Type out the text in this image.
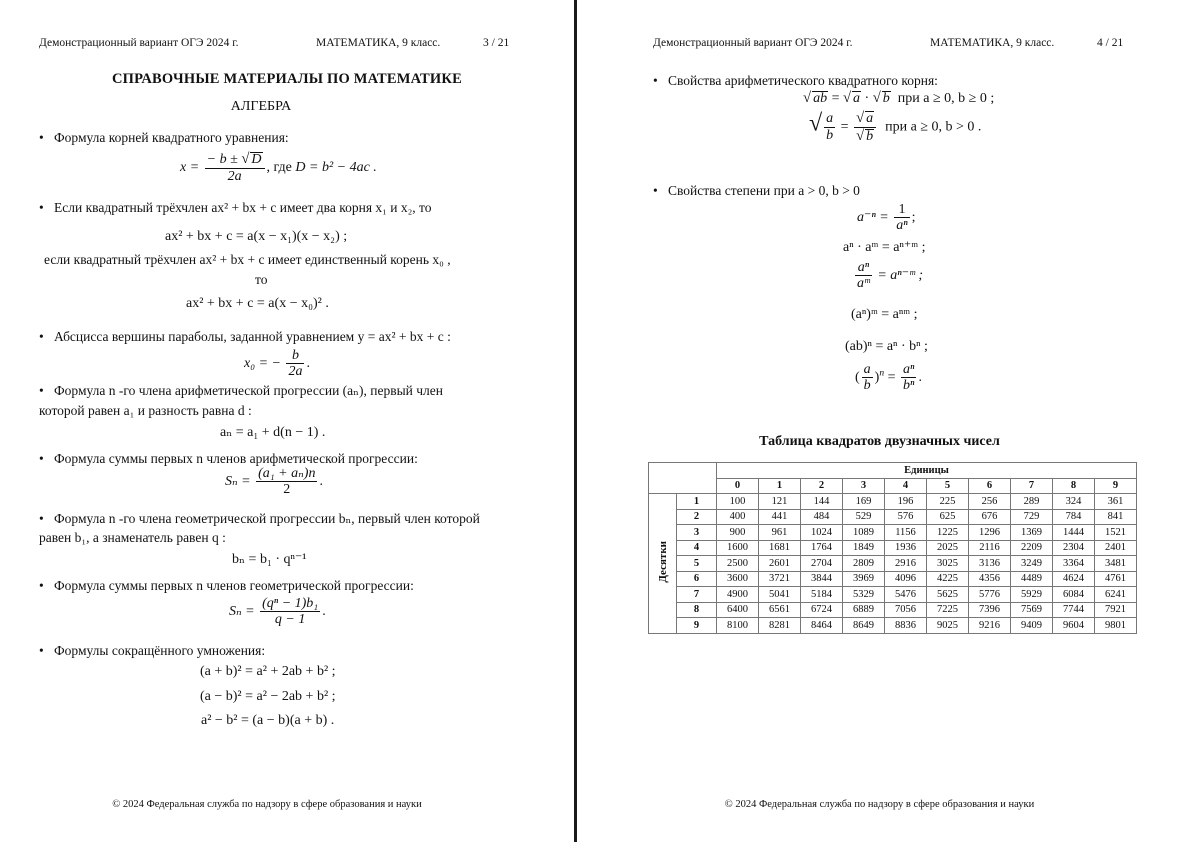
Демонстрационный вариант ОГЭ 2024 г.	МАТЕМАТИКА, 9 класс.	3 / 21
СПРАВОЧНЫЕ МАТЕРИАЛЫ ПО МАТЕМАТИКЕ
АЛГЕБРА
• Формула корней квадратного уравнения:
$x = \frac{- b \pm √ D}{2a}$ , где D = b² − 4ac .
• Если квадратный трёхчлен ax² + bx + c имеет два корня x₁ и x₂, то
ax² + bx + c = a(x − x₁)(x − x₂) ;
если квадратный трёхчлен ax² + bx + c имеет единственный корень x₀ ,
то
ax² + bx + c = a(x − x₀)² .
• Абсцисса вершины параболы, заданной уравнением y = ax² + bx + c :
x₀ = − $\frac{b}{2a}$ .
• Формула n -го члена арифметической прогрессии (aₙ), первый член
которой равен a₁ и разность равна d :
aₙ = a₁ + d(n − 1) .
• Формула суммы первых n членов арифметической прогрессии:
$S_n = \frac{\text{(a₁ + aₙ)n}}{2}$ .
• Формула n -го члена геометрической прогрессии bₙ, первый член которой
равен b₁, а знаменатель равен q :
bₙ = b₁ · qⁿ⁻¹
• Формула суммы первых n членов геометрической прогрессии:
$S_n = \frac{\text{(qⁿ − 1)b₁}}{q - 1}$ .
• Формулы сокращённого умножения:
(a + b)² = a² + 2ab + b² ;
(a − b)² = a² − 2ab + b² ;
a² − b² = (a − b)(a + b) .
© 2024 Федеральная служба по надзору в сфере образования и науки
Демонстрационный вариант ОГЭ 2024 г.	МАТЕМАТИКА, 9 класс.	4 / 21
• Свойства арифметического квадратного корня:
√ ab = √ a · √ b при a ≥ 0, b ≥ 0 ;
√ $\frac{a}{b} = \frac{√ a}{√ b}$ при a ≥ 0, b > 0 .
• Свойства степени при a > 0, b > 0
$a^{-n} = \frac{1}{\text{aⁿ}}$ ;
aⁿ · aᵐ = aⁿ⁺ᵐ ;
$\frac{\text{aⁿ}}{\text{aᵐ}}$ = aⁿ⁻ᵐ ;
(aⁿ)ᵐ = aⁿᵐ ;
(ab)ⁿ = aⁿ · bⁿ ;
( $\frac{a}{b} )^n = \frac{\text{aⁿ}}{\text{bⁿ}}$ .
Таблица квадратов двузначных чисел
		Единицы									
		0	1	2	3	4	5	6	7	8	9
Десятки	1	100	121	144	169	196	225	256	289	324	361
	2	400	441	484	529	576	625	676	729	784	841
	3	900	961	1024	1089	1156	1225	1296	1369	1444	1521
	4	1600	1681	1764	1849	1936	2025	2116	2209	2304	2401
	5	2500	2601	2704	2809	2916	3025	3136	3249	3364	3481
	6	3600	3721	3844	3969	4096	4225	4356	4489	4624	4761
	7	4900	5041	5184	5329	5476	5625	5776	5929	6084	6241
	8	6400	6561	6724	6889	7056	7225	7396	7569	7744	7921
	9	8100	8281	8464	8649	8836	9025	9216	9409	9604	9801
© 2024 Федеральная служба по надзору в сфере образования и науки
